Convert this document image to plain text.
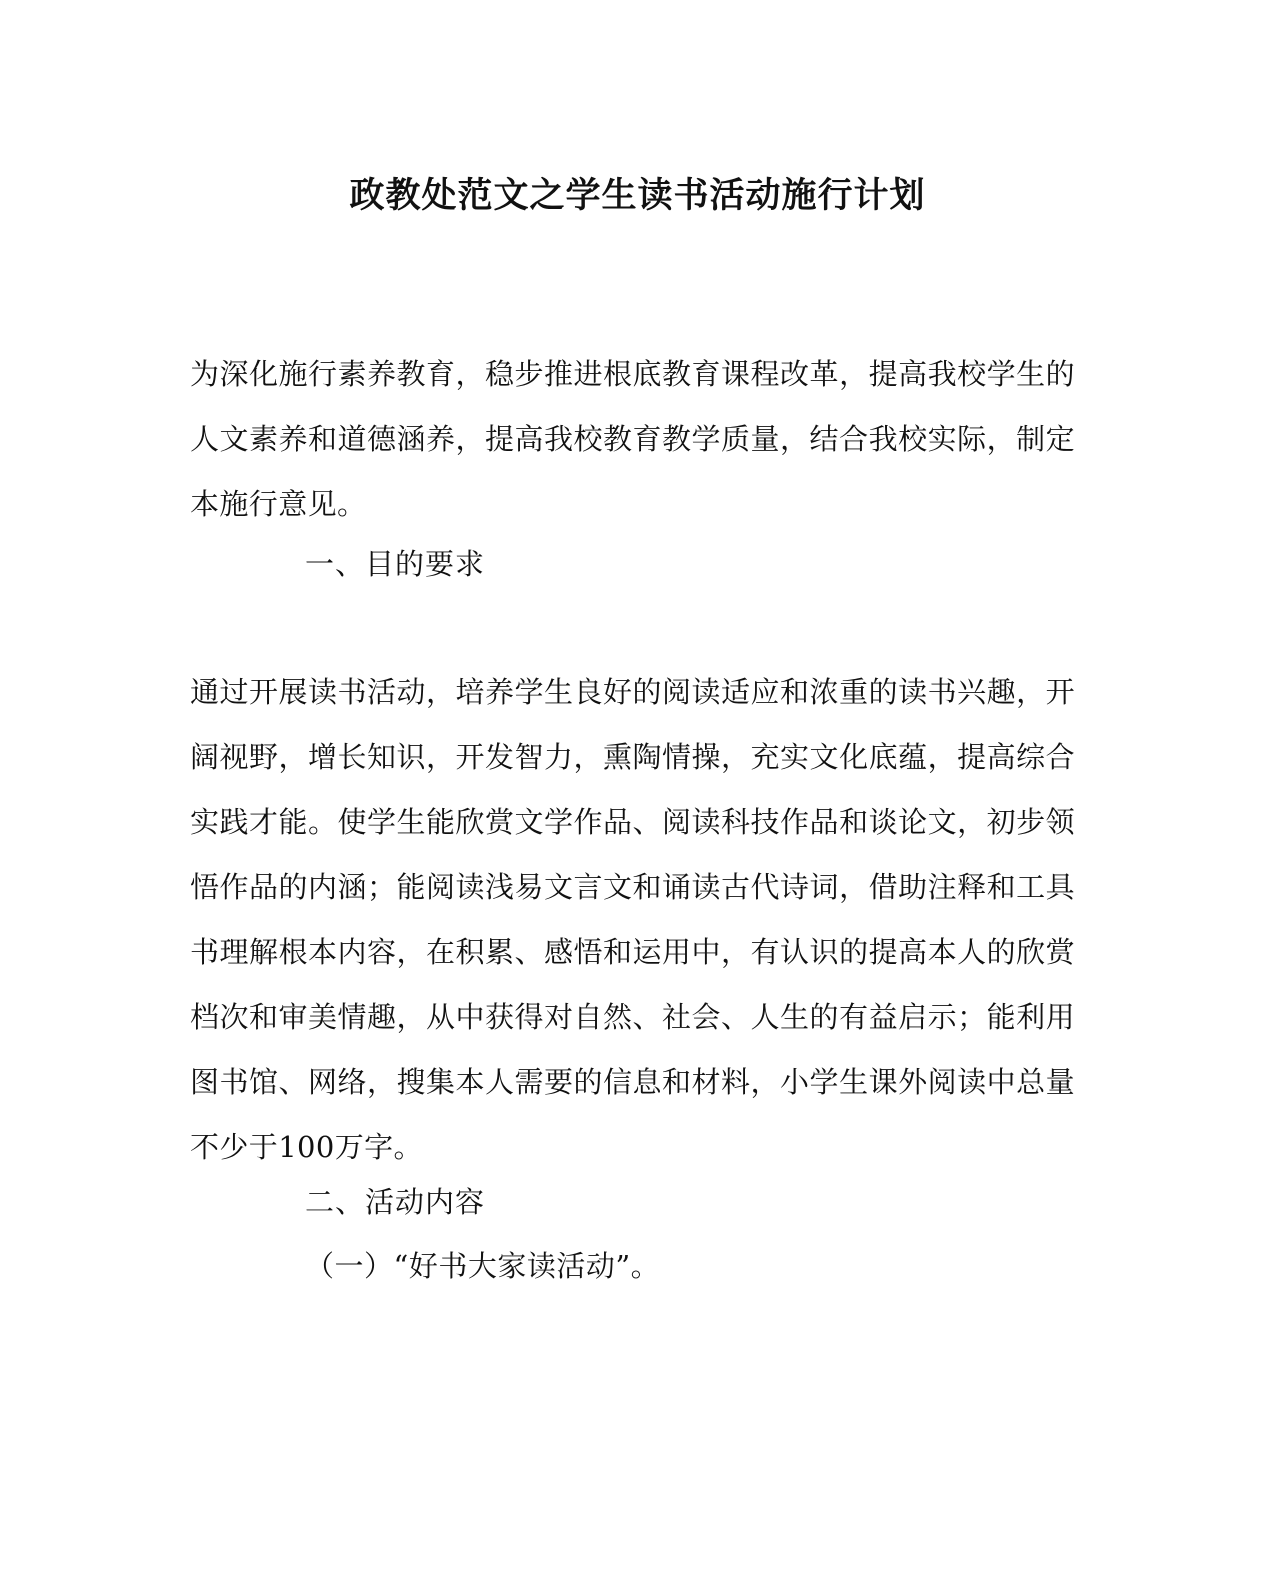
政教处范文之学生读书活动施行计划

为深化施行素养教育，稳步推进根底教育课程改革，提高我校学生的人文素养和道德涵养，提高我校教育教学质量，结合我校实际，制定本施行意见。

一、目的要求

通过开展读书活动，培养学生良好的阅读适应和浓重的读书兴趣，开阔视野，增长知识，开发智力，熏陶情操，充实文化底蕴，提高综合实践才能。使学生能欣赏文学作品、阅读科技作品和谈论文，初步领悟作品的内涵；能阅读浅易文言文和诵读古代诗词，借助注释和工具书理解根本内容，在积累、感悟和运用中，有认识的提高本人的欣赏档次和审美情趣，从中获得对自然、社会、人生的有益启示；能利用图书馆、网络，搜集本人需要的信息和材料，小学生课外阅读中总量不少于100万字。

二、活动内容

（一）“好书大家读活动”。
